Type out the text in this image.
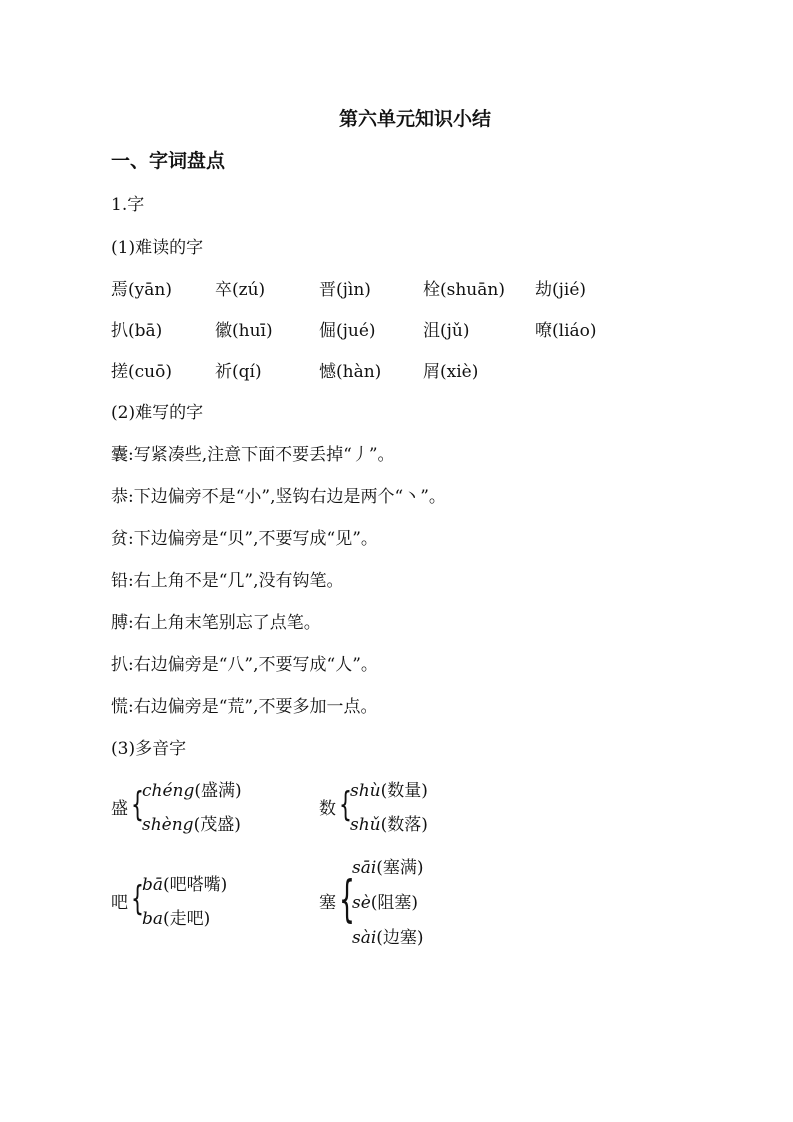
第六单元知识小结
一、字词盘点
1.字
(1)难读的字
焉(yān)	卒(zú)	晋(jìn)	栓(shuān) 劫(jié)
扒(bā)	徽(huī)	倔(jué)	沮(jǔ)	嘹(liáo)
搓(cuō)	祈(qí)	憾(hàn) 屑(xiè)
(2)难写的字
囊:写紧凑些,注意下面不要丢掉“丿”。
恭:下边偏旁不是“小”,竖钩右边是两个“丶”。
贫:下边偏旁是“贝”,不要写成“见”。
铅:右上角不是“几”,没有钩笔。
膊:右上角末笔别忘了点笔。
扒:右边偏旁是“八”,不要写成“人”。
慌:右边偏旁是“荒”,不要多加一点。
(3)多音字
盛 {
chéng(盛满)
shèng(茂盛)
数 {
shù(数量)
shǔ(数落)
吧 {
bā(吧嗒嘴)
ba(走吧)
塞 {
sāi(塞满)
sè(阻塞)
sài(边塞)
